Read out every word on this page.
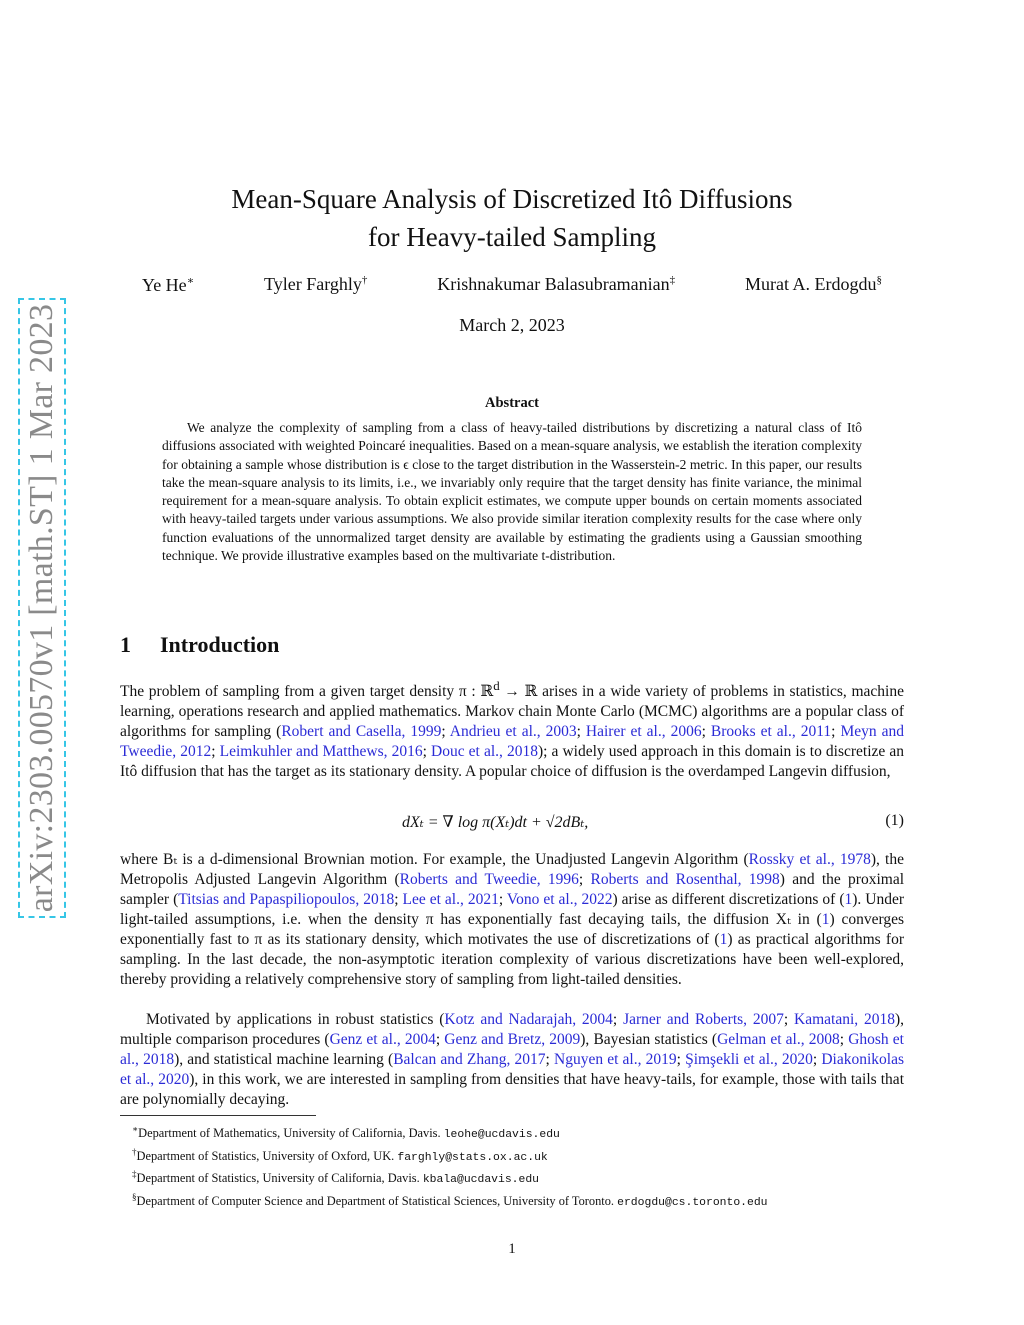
arXiv:2303.00570v1 [math.ST] 1 Mar 2023
Mean-Square Analysis of Discretized Itô Diffusions
for Heavy-tailed Sampling
Ye He∗	Tyler Farghly†	Krishnakumar Balasubramanian‡	Murat A. Erdogdu§
March 2, 2023
Abstract
We analyze the complexity of sampling from a class of heavy-tailed distributions by discretizing a natural class of Itô diffusions associated with weighted Poincaré inequalities. Based on a mean-square analysis, we establish the iteration complexity for obtaining a sample whose distribution is ϵ close to the target distribution in the Wasserstein-2 metric. In this paper, our results take the mean-square analysis to its limits, i.e., we invariably only require that the target density has finite variance, the minimal requirement for a mean-square analysis. To obtain explicit estimates, we compute upper bounds on certain moments associated with heavy-tailed targets under various assumptions. We also provide similar iteration complexity results for the case where only function evaluations of the unnormalized target density are available by estimating the gradients using a Gaussian smoothing technique. We provide illustrative examples based on the multivariate t-distribution.
1 Introduction
The problem of sampling from a given target density π : ℝ$^d$ → ℝ arises in a wide variety of problems in statistics, machine learning, operations research and applied mathematics. Markov chain Monte Carlo (MCMC) algorithms are a popular class of algorithms for sampling (Robert and Casella, 1999; Andrieu et al., 2003; Hairer et al., 2006; Brooks et al., 2011; Meyn and Tweedie, 2012; Leimkuhler and Matthews, 2016; Douc et al., 2018); a widely used approach in this domain is to discretize an Itô diffusion that has the target as its stationary density. A popular choice of diffusion is the overdamped Langevin diffusion,
dXₜ = ∇ log π(Xₜ)dt + √2dBₜ,	(1)
where Bₜ is a d-dimensional Brownian motion. For example, the Unadjusted Langevin Algorithm (Rossky et al., 1978), the Metropolis Adjusted Langevin Algorithm (Roberts and Tweedie, 1996; Roberts and Rosenthal, 1998) and the proximal sampler (Titsias and Papaspiliopoulos, 2018; Lee et al., 2021; Vono et al., 2022) arise as different discretizations of (1). Under light-tailed assumptions, i.e. when the density π has exponentially fast decaying tails, the diffusion Xₜ in (1) converges exponentially fast to π as its stationary density, which motivates the use of discretizations of (1) as practical algorithms for sampling. In the last decade, the non-asymptotic iteration complexity of various discretizations have been well-explored, thereby providing a relatively comprehensive story of sampling from light-tailed densities.
Motivated by applications in robust statistics (Kotz and Nadarajah, 2004; Jarner and Roberts, 2007; Kamatani, 2018), multiple comparison procedures (Genz et al., 2004; Genz and Bretz, 2009), Bayesian statistics (Gelman et al., 2008; Ghosh et al., 2018), and statistical machine learning (Balcan and Zhang, 2017; Nguyen et al., 2019; Şimşekli et al., 2020; Diakonikolas et al., 2020), in this work, we are interested in sampling from densities that have heavy-tails, for example, those with tails that are polynomially decaying.
∗Department of Mathematics, University of California, Davis. leohe@ucdavis.edu
†Department of Statistics, University of Oxford, UK. farghly@stats.ox.ac.uk
‡Department of Statistics, University of California, Davis. kbala@ucdavis.edu
§Department of Computer Science and Department of Statistical Sciences, University of Toronto. erdogdu@cs.toronto.edu
1
